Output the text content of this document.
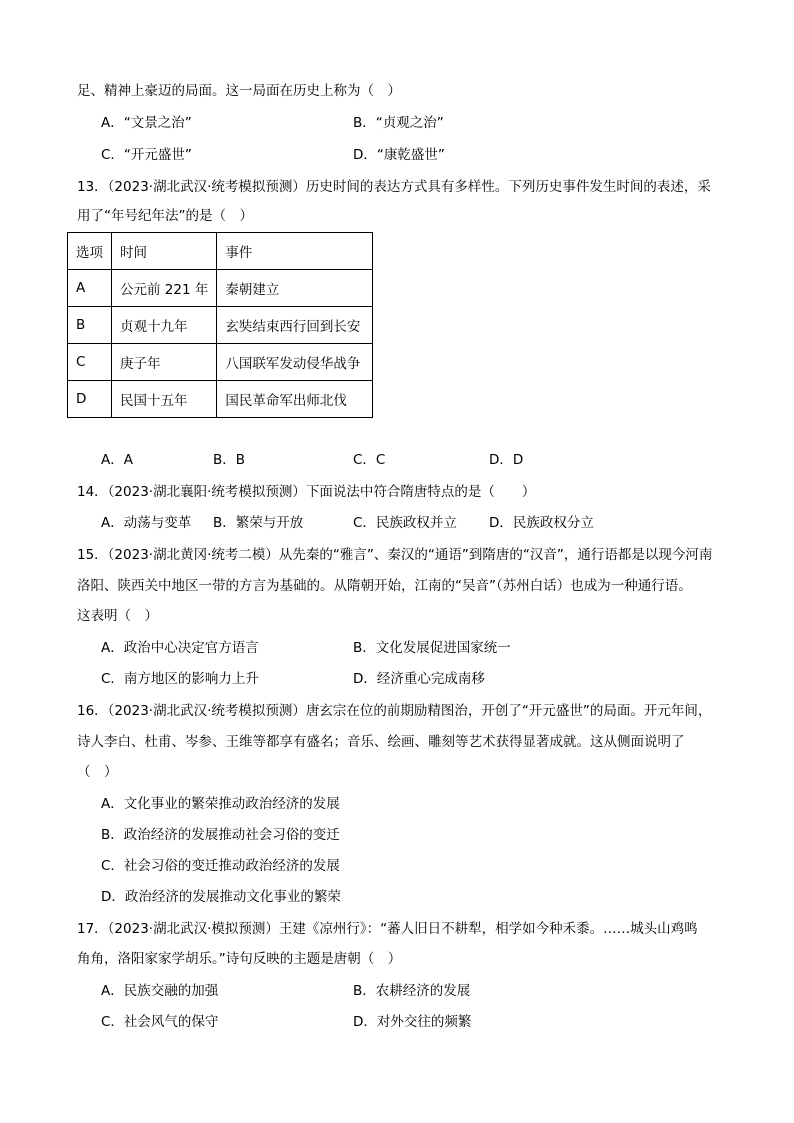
足、精神上豪迈的局面。这一局面在历史上称为（　）
A．“文景之治”	B．“贞观之治”
C．“开元盛世”	D．“康乾盛世”
13．（2023·湖北武汉·统考模拟预测）历史时间的表达方式具有多样性。下列历史事件发生时间的表述，采
用了“年号纪年法”的是（　）
选项	时间	事件
A	公元前 221 年	秦朝建立
B	贞观十九年	玄奘结束西行回到长安
C	庚子年	八国联军发动侵华战争
D	民国十五年	国民革命军出师北伐
A．A	B．B	C．C	D．D
14．（2023·湖北襄阳·统考模拟预测）下面说法中符合隋唐特点的是（　　）
A．动荡与变革 B．繁荣与开放	C．民族政权并立 D．民族政权分立
15．（2023·湖北黄冈·统考二模）从先秦的“雅言”、秦汉的“通语”到隋唐的“汉音”，通行语都是以现今河南
洛阳、陕西关中地区一带的方言为基础的。从隋朝开始，江南的“吴音”（苏州白话）也成为一种通行语。
这表明（　）
A．政治中心决定官方语言	B．文化发展促进国家统一
C．南方地区的影响力上升	D．经济重心完成南移
16．（2023·湖北武汉·统考模拟预测）唐玄宗在位的前期励精图治，开创了“开元盛世”的局面。开元年间，
诗人李白、杜甫、岑参、王维等都享有盛名；音乐、绘画、雕刻等艺术获得显著成就。这从侧面说明了
（　）
A．文化事业的繁荣推动政治经济的发展
B．政治经济的发展推动社会习俗的变迁
C．社会习俗的变迁推动政治经济的发展
D．政治经济的发展推动文化事业的繁荣
17．（2023·湖北武汉·模拟预测）王建《凉州行》：“蕃人旧日不耕犁，相学如今种禾黍。……城头山鸡鸣
角角，洛阳家家学胡乐。”诗句反映的主题是唐朝（　）
A．民族交融的加强	B．农耕经济的发展
C．社会风气的保守	D．对外交往的频繁
